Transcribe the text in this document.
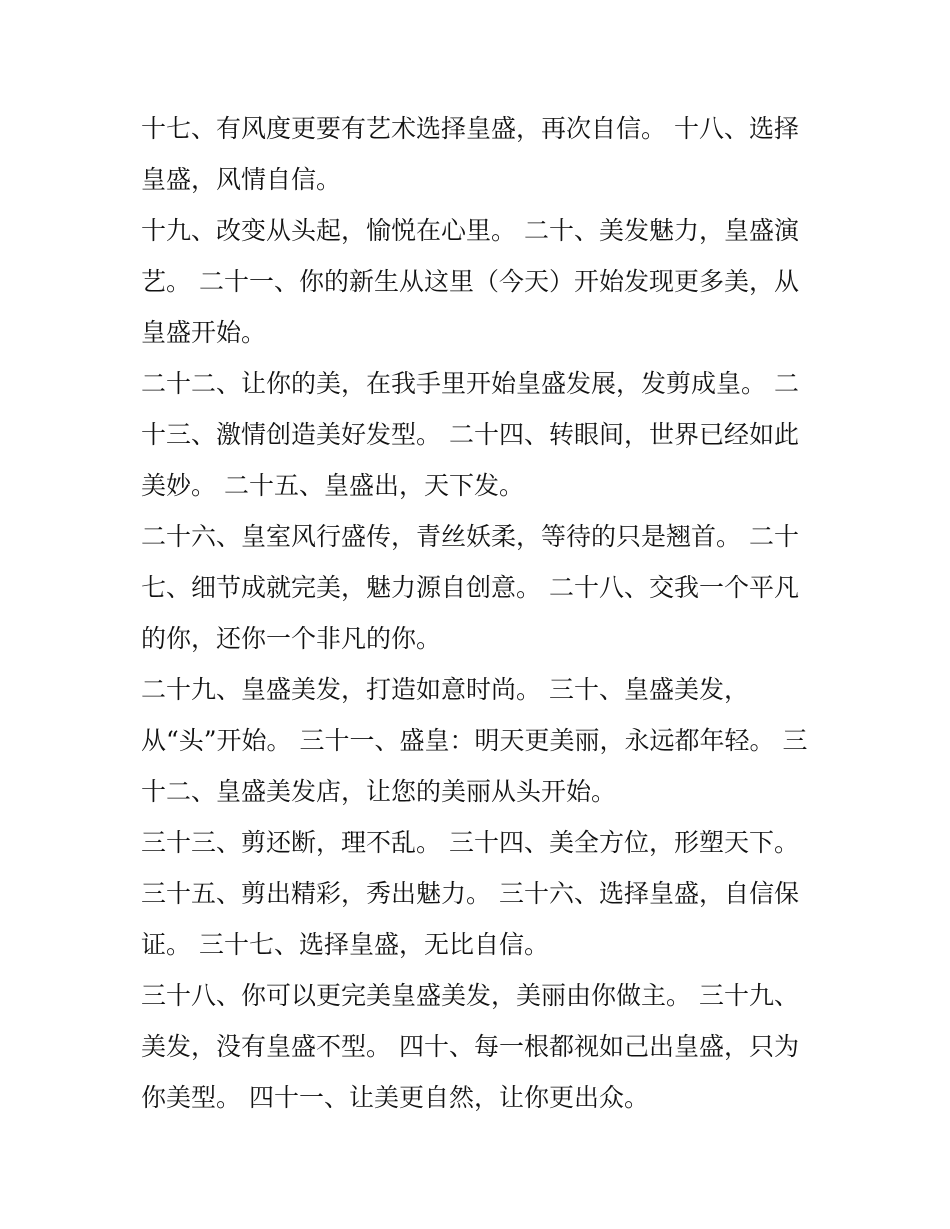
十七、有风度更要有艺术选择皇盛，再次自信。 十八、选择
皇盛，风情自信。

十九、改变从头起，愉悦在心里。 二十、美发魅力，皇盛演
艺。 二十一、你的新生从这里（今天）开始发现更多美，从
皇盛开始。

二十二、让你的美，在我手里开始皇盛发展，发剪成皇。 二
十三、激情创造美好发型。 二十四、转眼间，世界已经如此
美妙。 二十五、皇盛出，天下发。

二十六、皇室风行盛传，青丝妖柔，等待的只是翘首。 二十
七、细节成就完美，魅力源自创意。 二十八、交我一个平凡
的你，还你一个非凡的你。

二十九、皇盛美发，打造如意时尚。 三十、皇盛美发，
从“头”开始。 三十一、盛皇：明天更美丽，永远都年轻。 三
十二、皇盛美发店，让您的美丽从头开始。

三十三、剪还断，理不乱。 三十四、美全方位，形塑天下。

三十五、剪出精彩，秀出魅力。 三十六、选择皇盛，自信保
证。 三十七、选择皇盛，无比自信。

三十八、你可以更完美皇盛美发，美丽由你做主。 三十九、
美发，没有皇盛不型。 四十、每一根都视如己出皇盛，只为
你美型。 四十一、让美更自然，让你更出众。
